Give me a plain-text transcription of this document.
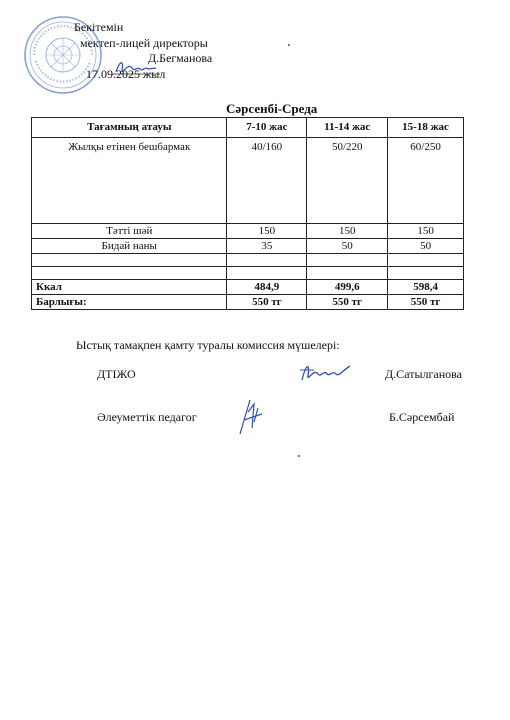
Бекітемін
мектеп-лицей директоры
Д.Бегманова
17.09.2025 жыл
Сәрсенбі-Среда
Тағамның атауы	7-10 жас	11-14 жас	15-18 жас
Жылқы етінен бешбармак	40/160	50/220	60/250
Тәтті шәй	150	150	150
Бидай наны	35	50	50

Ккал	484,9	499,6	598,4
Барлығы:	550 тг	550 тг	550 тг
Ыстық тамақпен қамту туралы комиссия мүшелері:
ДТІЖО	Д.Сатылганова
Әлеуметтік педагог	Б.Сәрсембай
